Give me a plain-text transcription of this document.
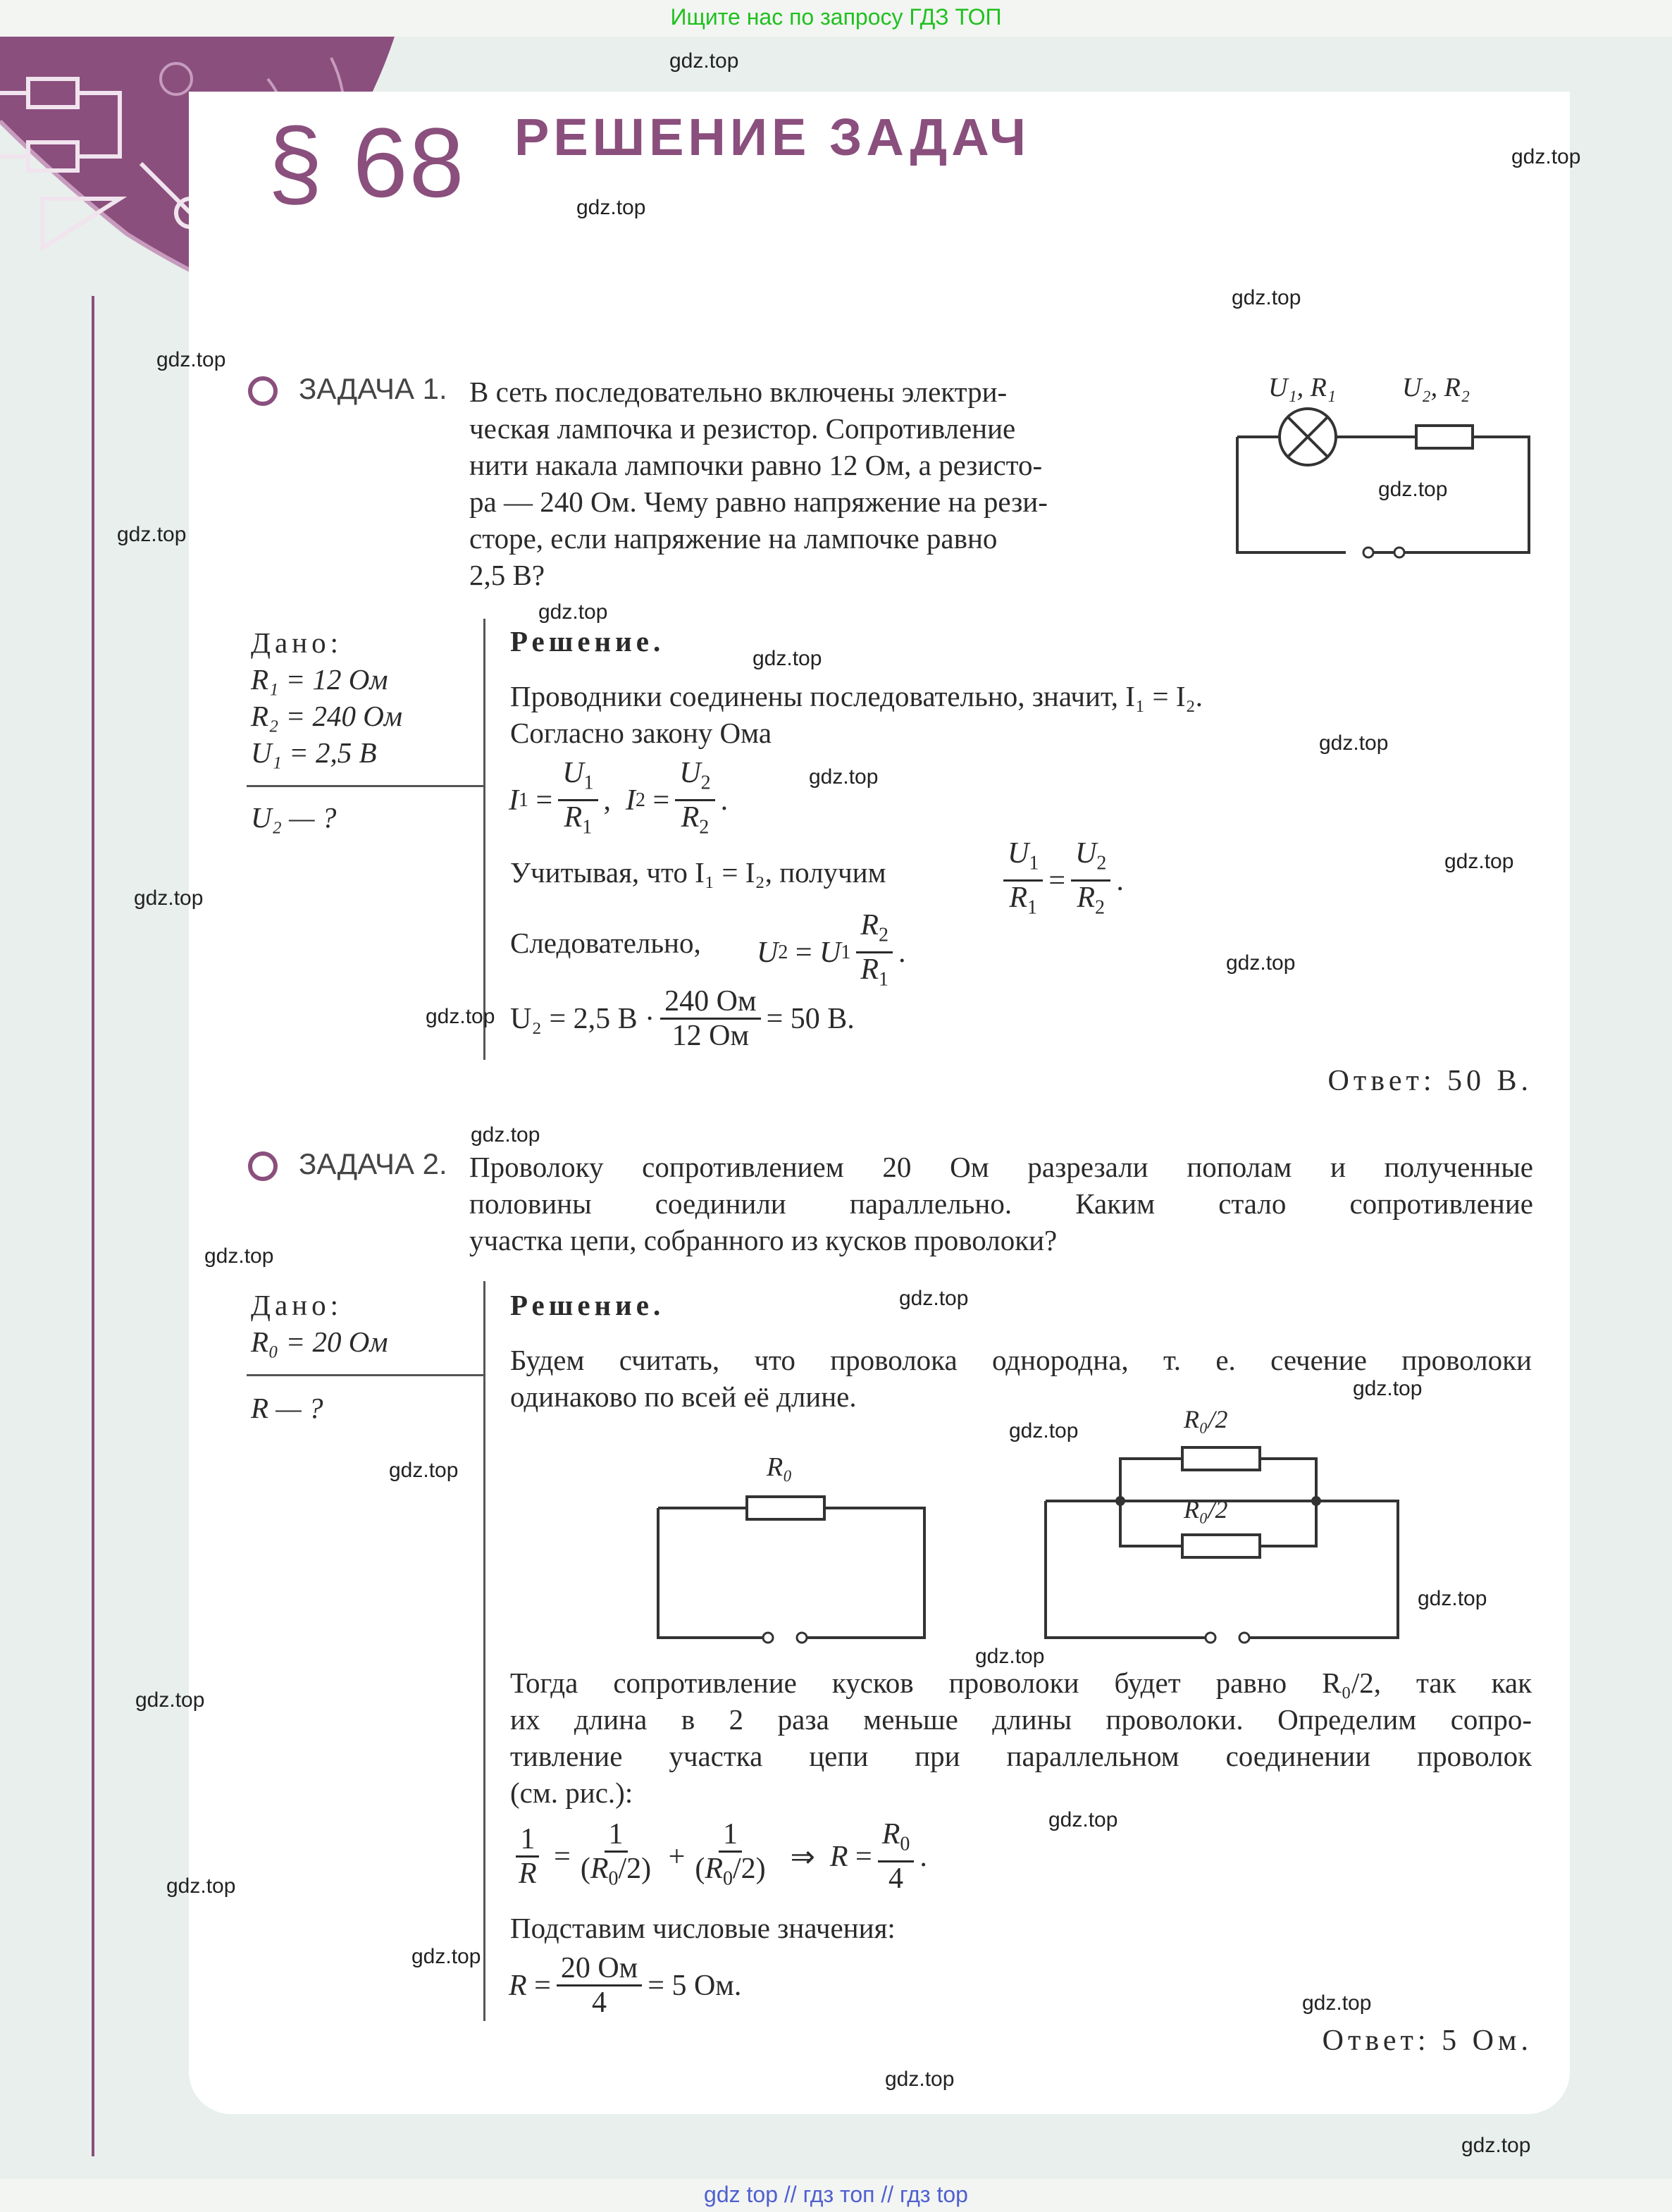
Ищите нас по запросу ГДЗ ТОП
§ 68 РЕШЕНИЕ ЗАДАЧ
ЗАДАЧА 1. В сеть последовательно включены электри-
ческая лампочка и резистор. Сопротивление
нити накала лампочки равно 12 Ом, а резисто-
ра — 240 Ом. Чему равно напряжение на рези-
сторе, если напряжение на лампочке равно
2,5 В?
U₁, R₁ U₂, R₂
Дано:
R₁ = 12 Ом
R₂ = 240 Ом
U₁ = 2,5 В
U₂ — ?
Решение.
Проводники соединены последовательно, значит, I₁ = I₂.
Согласно закону Ома
I $1 = \frac{U_1}{R_1}$ , I $2 = \frac{U_2}{R_2}$ .
Учитывая, что I₁ = I₂, получим	$\frac{U_1}{R_1} = \frac{U_2}{R_2}$ .
Следовательно, U 2 = U $1 \frac{R_2}{R_1}$ .
U₂ = 2,5 $В \cdot \frac{240 Ом}{12 Ом} = 50$ В.
Ответ: 50 В.
ЗАДАЧА 2. Проволоку сопротивлением 20 Ом разрезали пополам и полученные
половины соединили параллельно. Каким стало сопротивление
участка цепи, собранного из кусков проволоки?
Дано:
R₀ = 20 Ом
R — ?
Решение.
Будем считать, что проволока однородна, т. е. сечение проволоки
одинаково по всей её длине.
R₀
R₀/2
R₀/2
Тогда сопротивление кусков проволоки будет равно R₀/2, так как
их длина в 2 раза меньше длины проволоки. Определим сопро-
тивление участка цепи при параллельном соединении проволок
(см. рис.):
$\frac{1}{R} = \frac{1}{(R_0/2)} + \frac{1}{(R_0/2)}$ ⇒ $R = \frac{R_0}{4}$ .
Подставим числовые значения:
$R = \frac{20 Ом}{4} = 5$ Ом.
Ответ: 5 Ом.
gdz.top
gdz.top
gdz.top
gdz.top
gdz.top
gdz.top
gdz.top
gdz.top
gdz.top
gdz.top
gdz.top
gdz.top
gdz.top
gdz.top
gdz.top
gdz.top
gdz.top
gdz.top
gdz.top
gdz.top
gdz.top
gdz.top
gdz.top
gdz.top
gdz.top
gdz.top
gdz.top
gdz.top
gdz.top
gdz.top
gdz top // гдз топ // гдз top
